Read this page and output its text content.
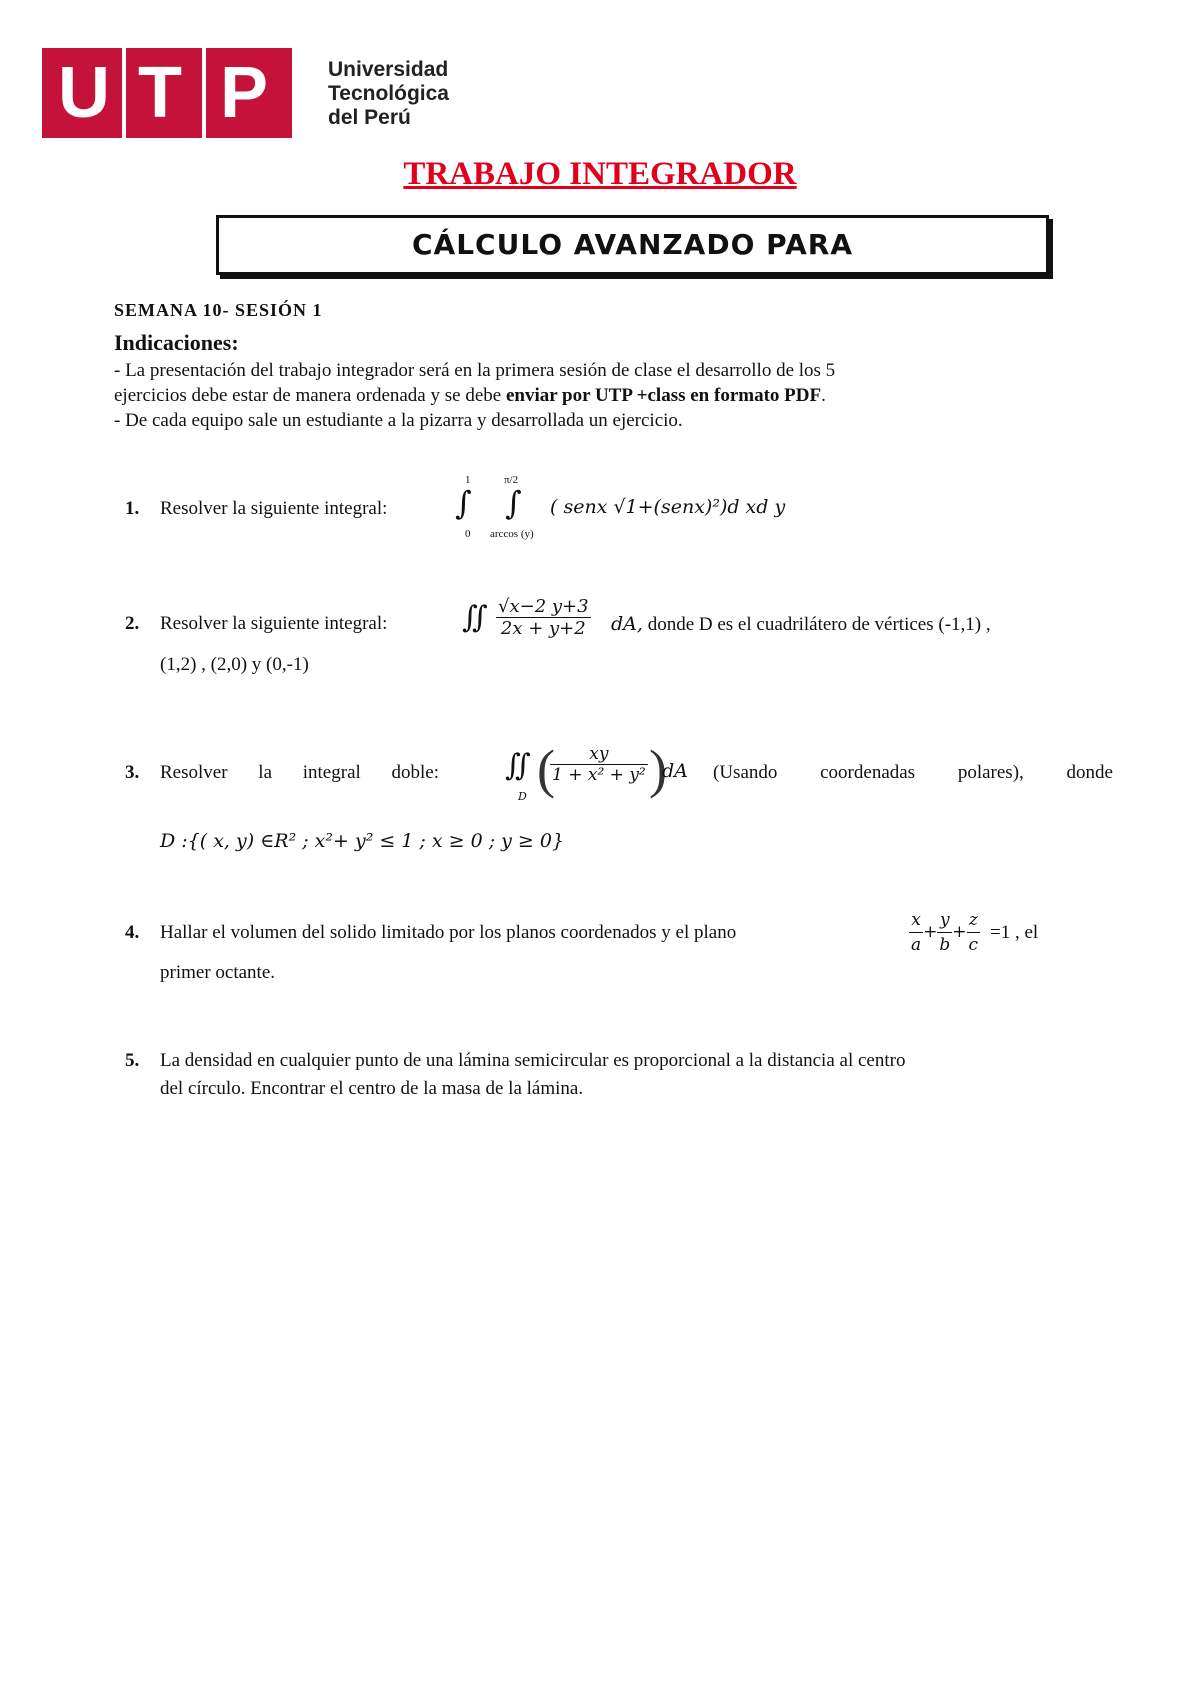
U T P	Universidad
Tecnológica
del Perú
TRABAJO INTEGRADOR
CÁLCULO AVANZADO PARA
SEMANA 10- SESIÓN 1
Indicaciones:
- La presentación del trabajo integrador será en la primera sesión de clase el desarrollo de los 5
ejercicios debe estar de manera ordenada y se debe enviar por UTP +class en formato PDF.
- De cada equipo sale un estudiante a la pizarra y desarrollada un ejercicio.
1. Resolver la siguiente integral:
1
∫
0
π/2
∫
arccos (y)
( senx √1+(senx)²)d xd y
2. Resolver la siguiente integral: ∬ $\frac{√x-2 y+3}{2x + y+2}$ dA, donde D es el cuadrilátero de vértices (-1,1) ,
(1,2) , (2,0) y (0,-1)
3. Resolver la integral doble: ∬
D (
$\frac{xy}{\text{1 + x² + y²}}$ )
dA (Usando coordenadas polares), donde
D :{( x, y) ∈R² ; x²+ y² ≤ 1 ; x ≥ 0 ; y ≥ 0}
4. Hallar el volumen del solido limitado por los planos coordenados y el plano	$\frac{x}{a} + \frac{y}{b} + \frac{z}{c} =1$ , el
primer octante.
5. La densidad en cualquier punto de una lámina semicircular es proporcional a la distancia al centro
del círculo. Encontrar el centro de la masa de la lámina.
